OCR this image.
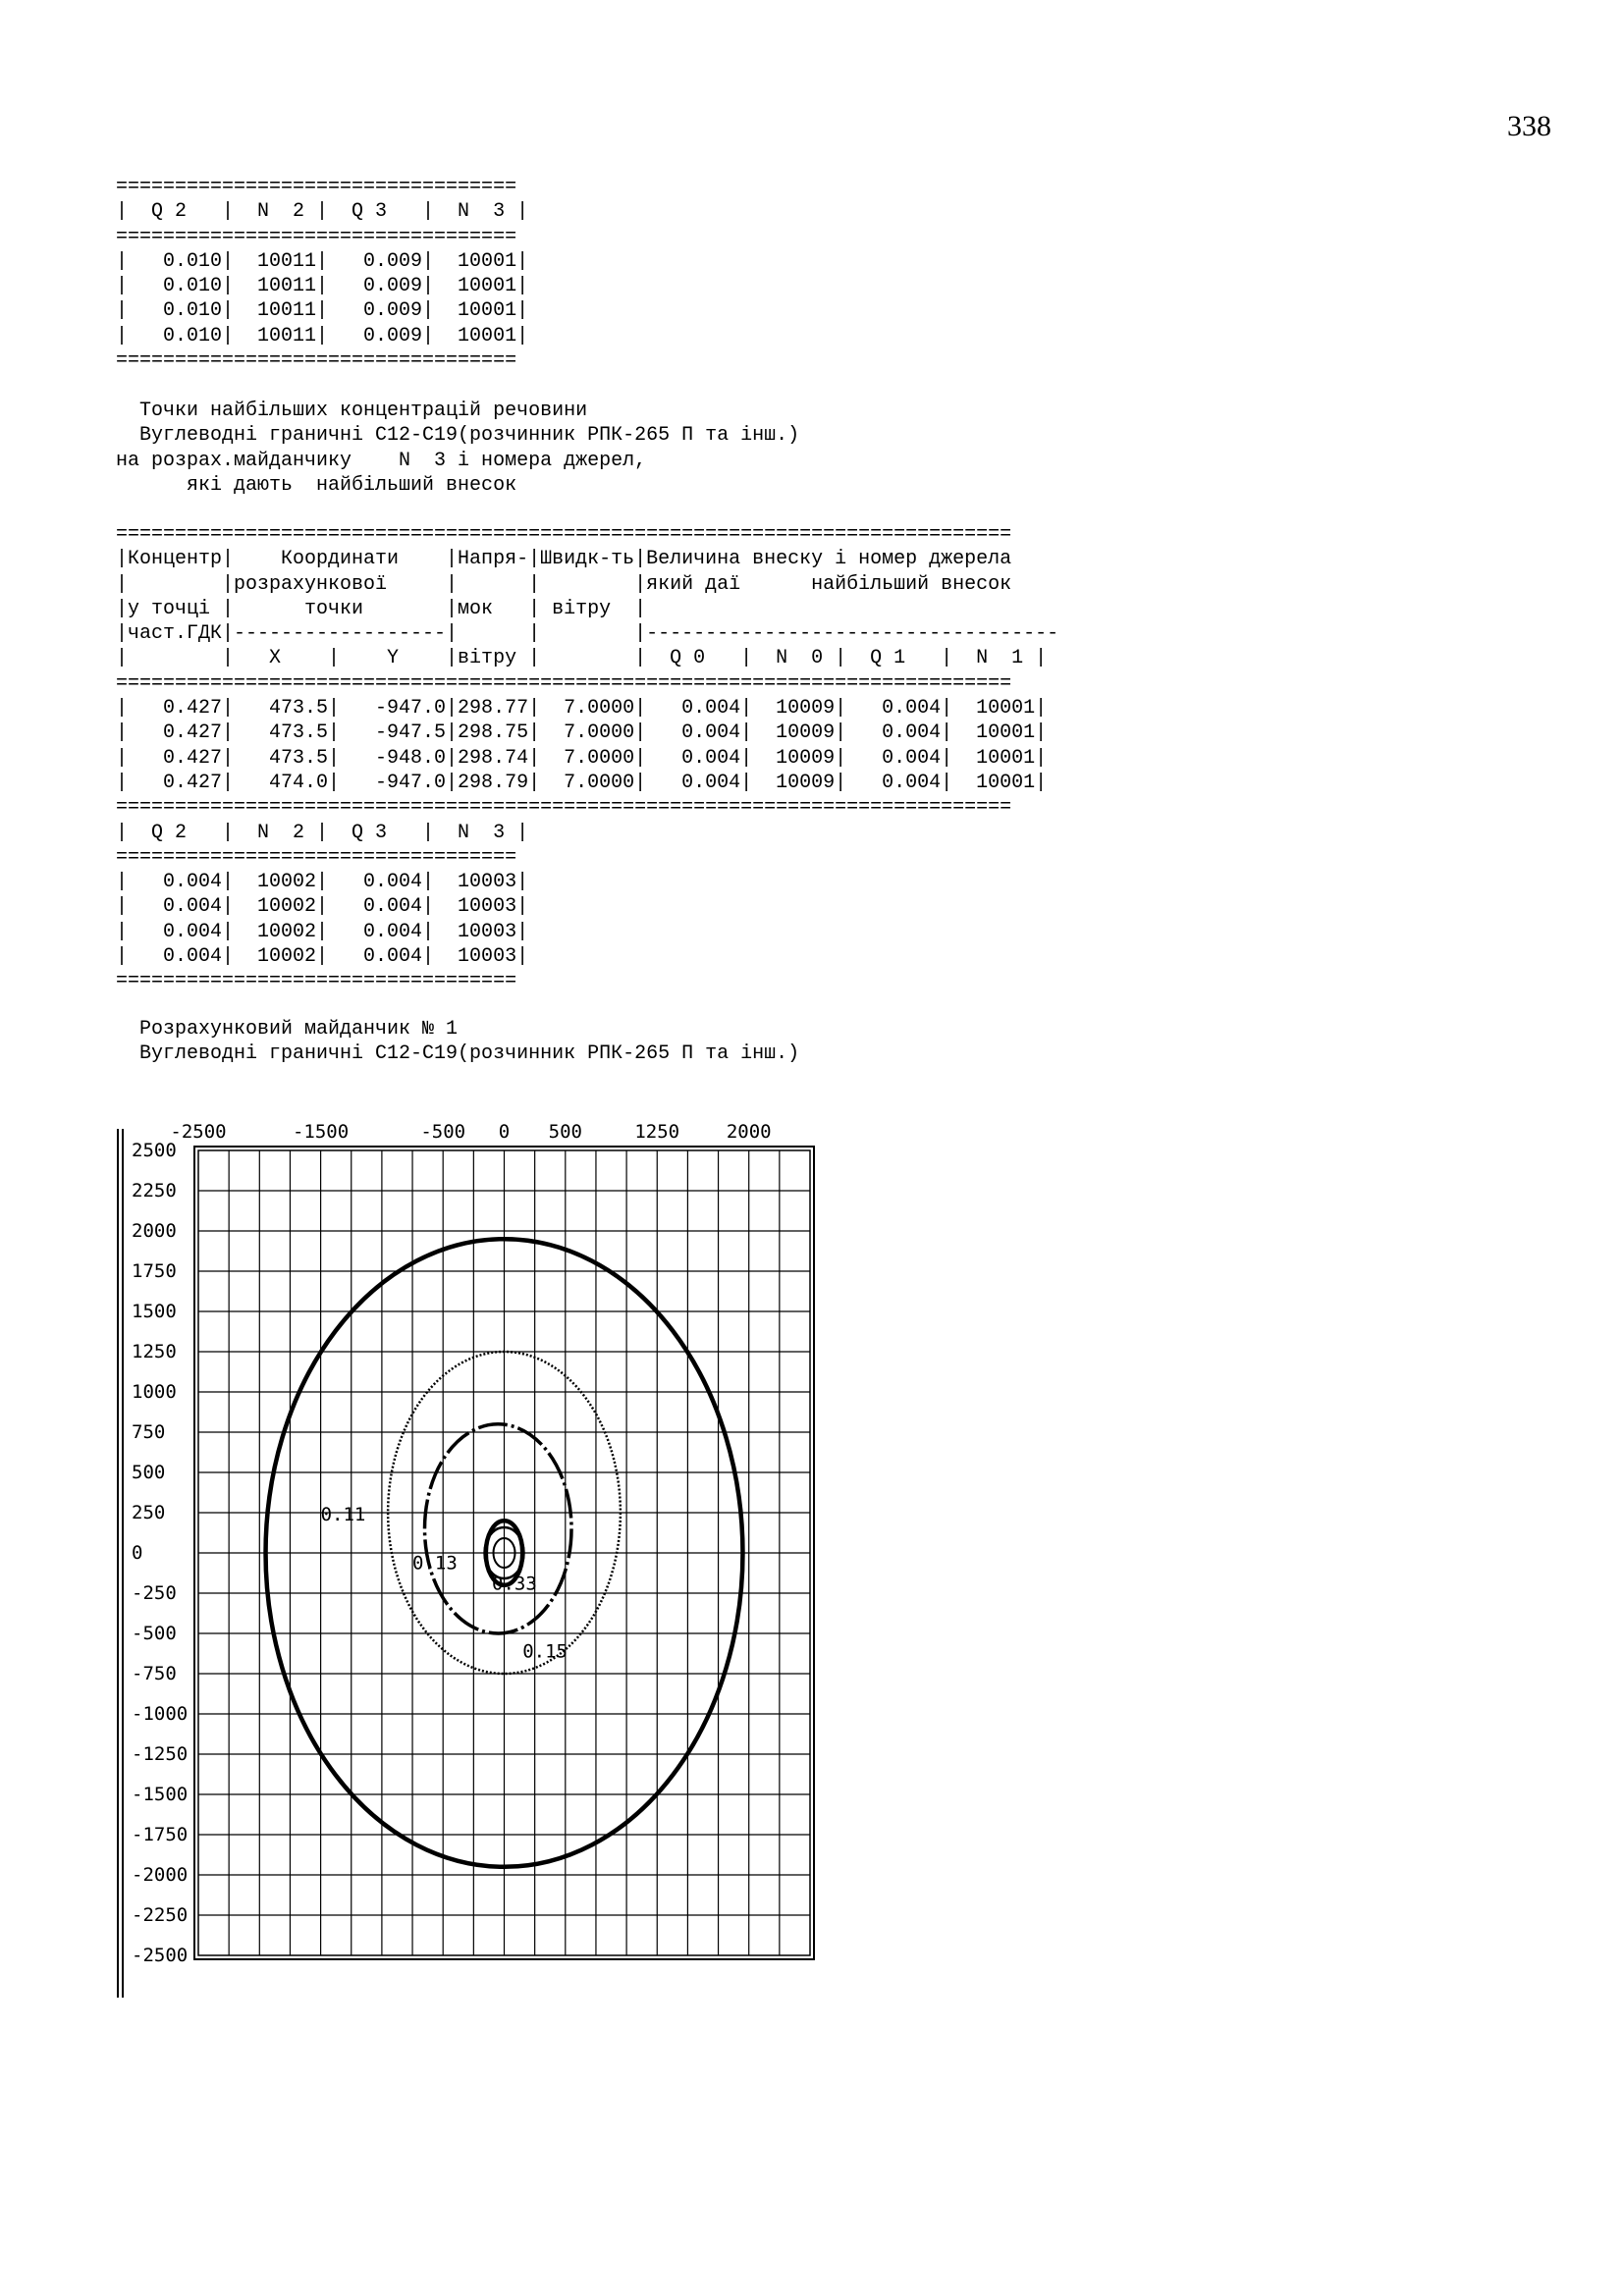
338
==================================
|  Q 2   |  N  2 |  Q 3   |  N  3 |
==================================
|   0.010|  10011|   0.009|  10001|
|   0.010|  10011|   0.009|  10001|
|   0.010|  10011|   0.009|  10001|
|   0.010|  10011|   0.009|  10001|
==================================
Точки найбільших концентрацій речовини
Вуглеводні граничні С12-С19(розчинник РПК-265 П та інш.)
на розрах.майданчику    N  3 і номера джерел,
які дають  найбільший внесок
============================================================================
|Концентр|    Координати    |Напря-|Швидк-ть|Величина внеску і номер джерела
|        |розрахункової     |      |        |який даї      найбільший внесок
|у точці |      точки       |мок   | вітру  |
|част.ГДК|------------------|      |        |-----------------------------------
|        |   X    |    Y    |вітру |        |  Q 0   |  N  0 |  Q 1   |  N  1 |
============================================================================
|   0.427|   473.5|   -947.0|298.77|  7.0000|   0.004|  10009|   0.004|  10001|
|   0.427|   473.5|   -947.5|298.75|  7.0000|   0.004|  10009|   0.004|  10001|
|   0.427|   473.5|   -948.0|298.74|  7.0000|   0.004|  10009|   0.004|  10001|
|   0.427|   474.0|   -947.0|298.79|  7.0000|   0.004|  10009|   0.004|  10001|
============================================================================
|  Q 2   |  N  2 |  Q 3   |  N  3 |
==================================
|   0.004|  10002|   0.004|  10003|
|   0.004|  10002|   0.004|  10003|
|   0.004|  10002|   0.004|  10003|
|   0.004|  10002|   0.004|  10003|
==================================
Розрахунковий майданчик № 1
Вуглеводні граничні С12-С19(розчинник РПК-265 П та інш.)
-2500	-1500	-500 0 500	1250	2000
2500
2250
2000
1750
1500
1250
1000
750
500
250
0
-250
-500
-750
-1000
-1250
-1500
-1750
-2000
-2250
-2500
0.11
0.13
0.33
0.15
